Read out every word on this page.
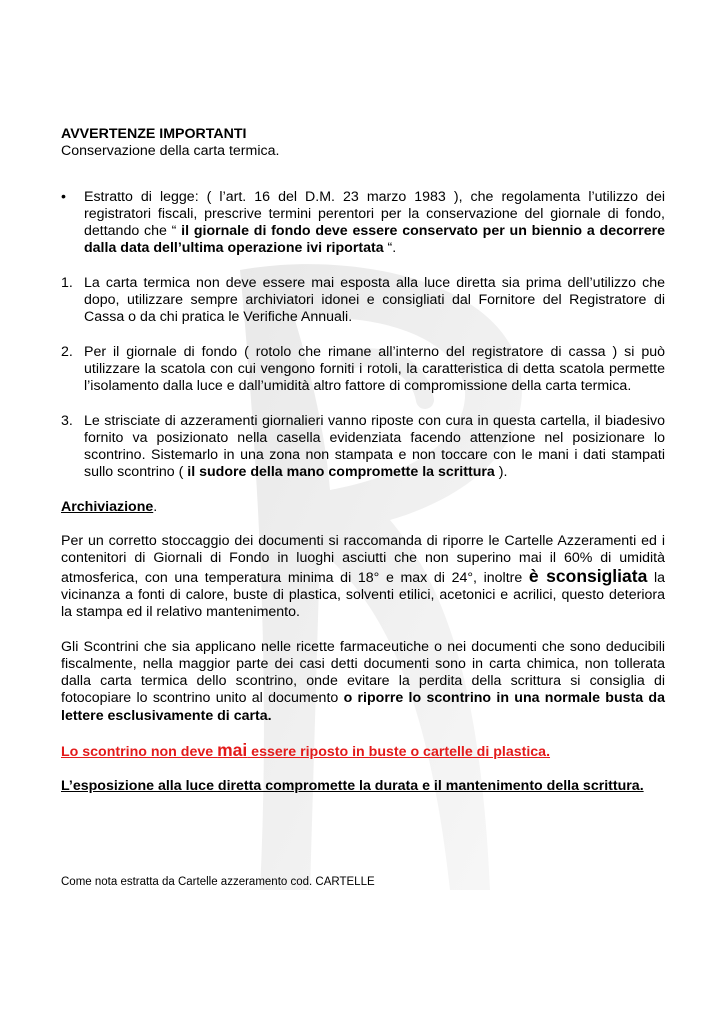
AVVERTENZE IMPORTANTI
Conservazione della carta termica.
• Estratto di legge: ( l’art. 16 del D.M. 23 marzo 1983 ), che regolamenta l’utilizzo dei registratori fiscali, prescrive termini perentori per la conservazione del giornale di fondo, dettando che “ il giornale di fondo deve essere conservato per un biennio a decorrere dalla data dell’ultima operazione ivi riportata “.
1. La carta termica non deve essere mai esposta alla luce diretta sia prima dell’utilizzo che dopo, utilizzare sempre archiviatori idonei e consigliati dal Fornitore del Registratore di Cassa o da chi pratica le Verifiche Annuali.
2. Per il giornale di fondo ( rotolo che rimane all’interno del registratore di cassa ) si può utilizzare la scatola con cui vengono forniti i rotoli, la caratteristica di detta scatola permette l’isolamento dalla luce e dall’umidità altro fattore di compromissione della carta termica.
3. Le strisciate di azzeramenti giornalieri vanno riposte con cura in questa cartella, il biadesivo fornito va posizionato nella casella evidenziata facendo attenzione nel posizionare lo scontrino. Sistemarlo in una zona non stampata e non toccare con le mani i dati stampati sullo scontrino ( il sudore della mano compromette la scrittura ).
Archiviazione.
Per un corretto stoccaggio dei documenti si raccomanda di riporre le Cartelle Azzeramenti ed i contenitori di Giornali di Fondo in luoghi asciutti che non superino mai il 60% di umidità atmosferica, con una temperatura minima di 18° e max di 24°, inoltre è sconsigliata la vicinanza a fonti di calore, buste di plastica, solventi etilici, acetonici e acrilici, questo deteriora la stampa ed il relativo mantenimento.
Gli Scontrini che sia applicano nelle ricette farmaceutiche o nei documenti che sono deducibili fiscalmente, nella maggior parte dei casi detti documenti sono in carta chimica, non tollerata dalla carta termica dello scontrino, onde evitare la perdita della scrittura si consiglia di fotocopiare lo scontrino unito al documento o riporre lo scontrino in una normale busta da lettere esclusivamente di carta.
Lo scontrino non deve mai essere riposto in buste o cartelle di plastica.
L’esposizione alla luce diretta compromette la durata e il mantenimento della scrittura.
Come nota estratta da Cartelle azzeramento cod. CARTELLE
